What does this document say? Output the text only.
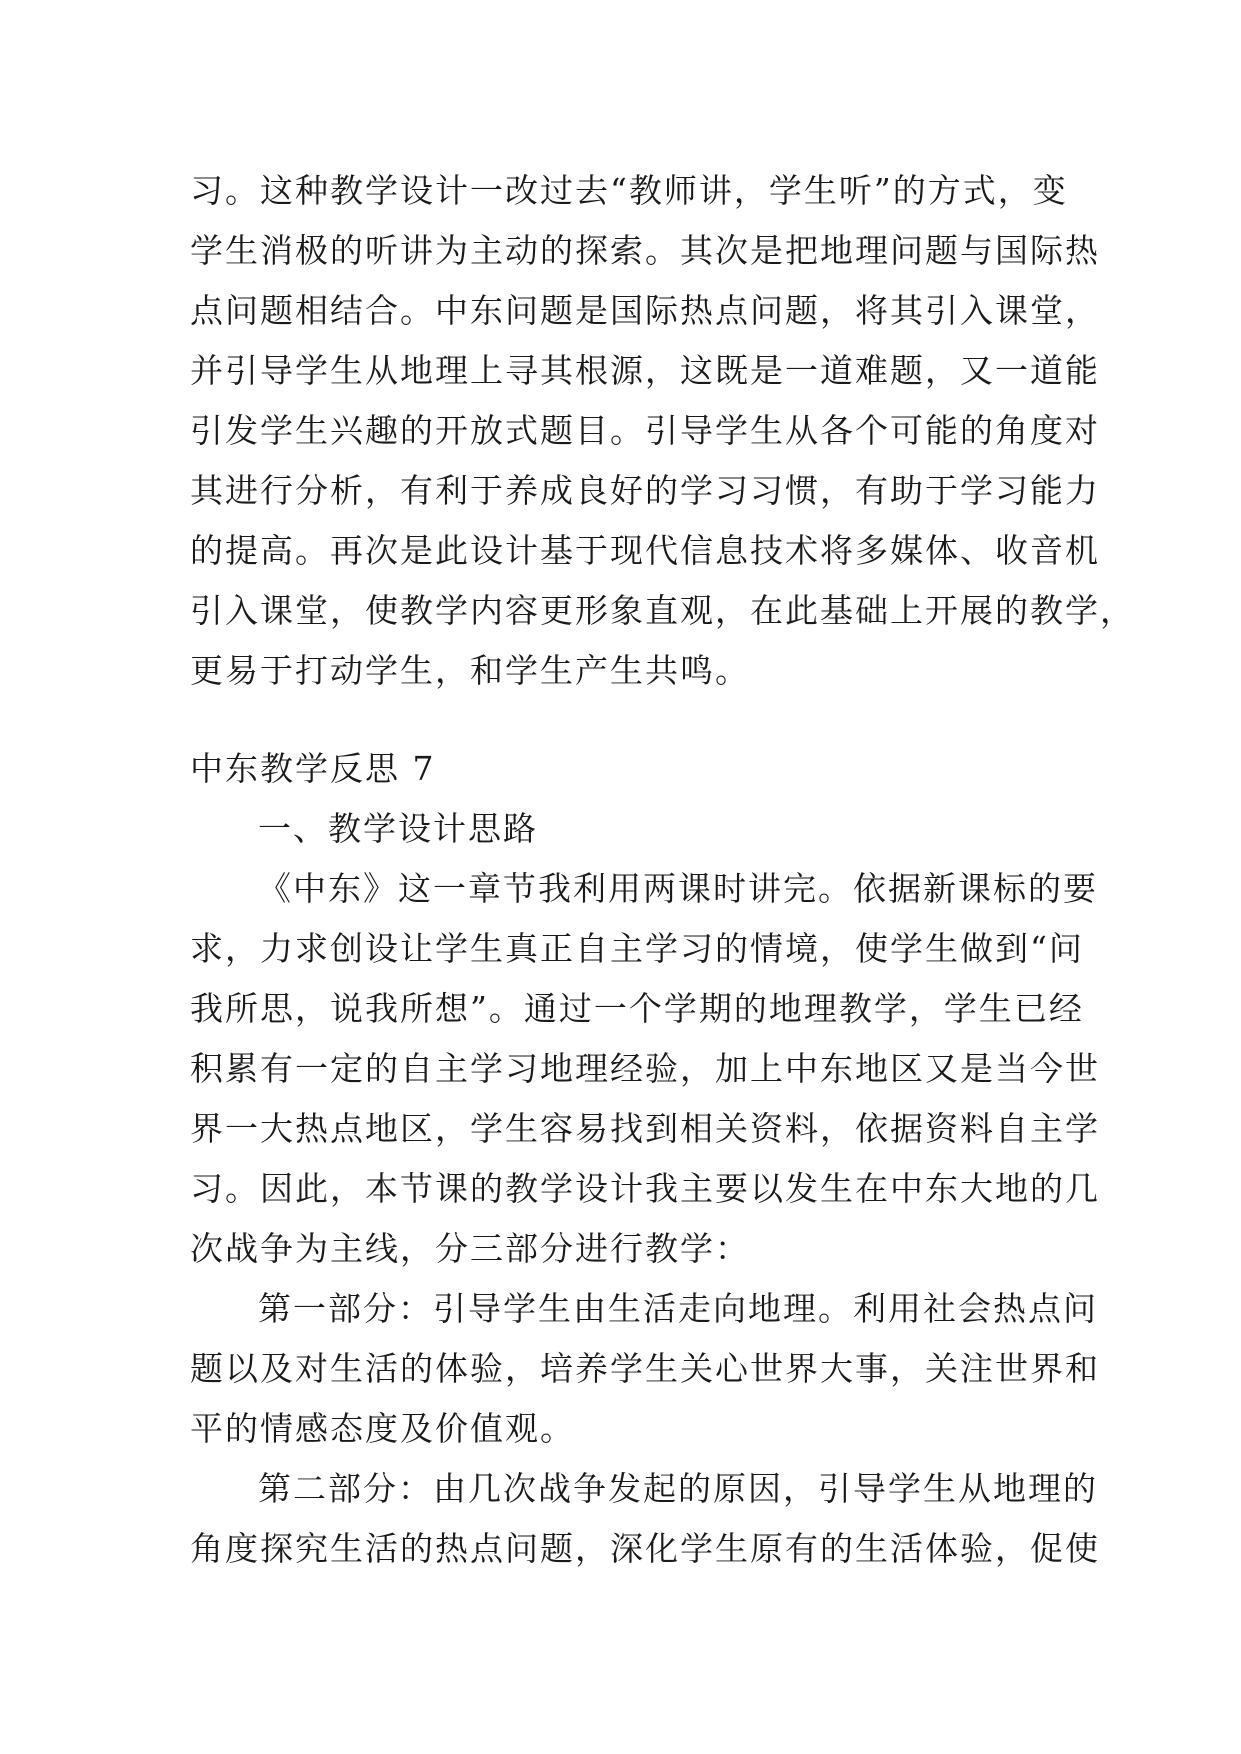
习。这种教学设计一改过去“教师讲，学生听”的方式，变
学生消极的听讲为主动的探索。其次是把地理问题与国际热
点问题相结合。中东问题是国际热点问题，将其引入课堂，
并引导学生从地理上寻其根源，这既是一道难题，又一道能
引发学生兴趣的开放式题目。引导学生从各个可能的角度对
其进行分析，有利于养成良好的学习习惯，有助于学习能力
的提高。再次是此设计基于现代信息技术将多媒体、收音机
引入课堂，使教学内容更形象直观，在此基础上开展的教学，
更易于打动学生，和学生产生共鸣。
中东教学反思 7
一、教学设计思路
《中东》这一章节我利用两课时讲完。依据新课标的要
求，力求创设让学生真正自主学习的情境，使学生做到“问
我所思，说我所想”。通过一个学期的地理教学，学生已经
积累有一定的自主学习地理经验，加上中东地区又是当今世
界一大热点地区，学生容易找到相关资料，依据资料自主学
习。因此，本节课的教学设计我主要以发生在中东大地的几
次战争为主线，分三部分进行教学：
第一部分：引导学生由生活走向地理。利用社会热点问
题以及对生活的体验，培养学生关心世界大事，关注世界和
平的情感态度及价值观。
第二部分：由几次战争发起的原因，引导学生从地理的
角度探究生活的热点问题，深化学生原有的生活体验，促使
